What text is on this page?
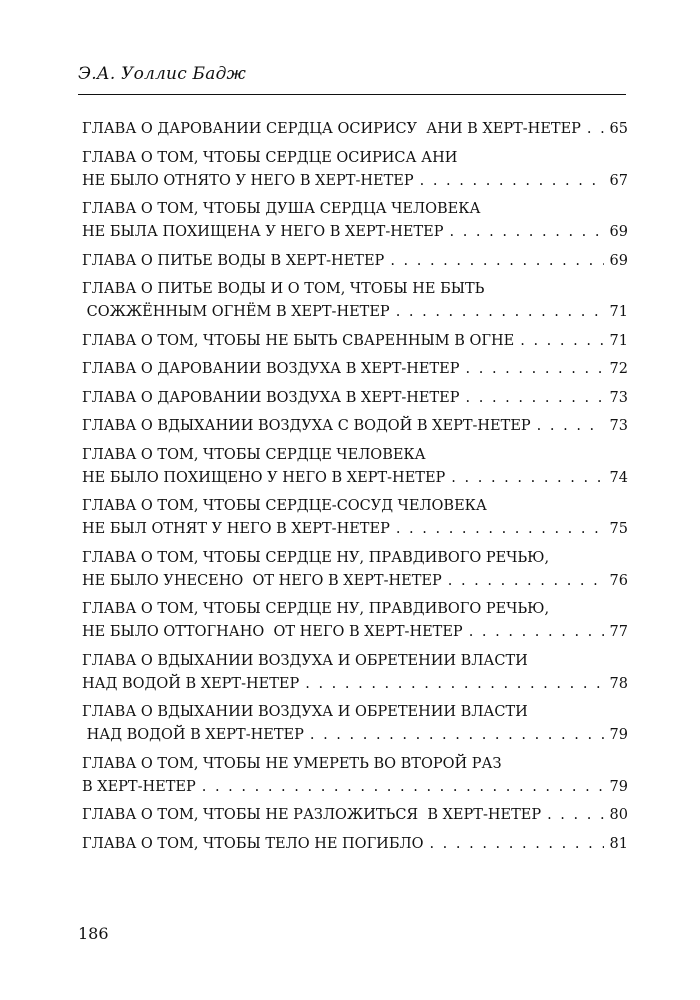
Э.А. Уоллис Бадж
ГЛАВА О ДАРОВАНИИ СЕРДЦА ОСИРИСУ  АНИ В ХЕРТ-НЕТЕР . . . 65
ГЛАВА О ТОМ, ЧТОБЫ СЕРДЦЕ ОСИРИСА АНИ
НЕ БЫЛО ОТНЯТО У НЕГО В ХЕРТ-НЕТЕР . . .	67
ГЛАВА О ТОМ, ЧТОБЫ ДУША СЕРДЦА ЧЕЛОВЕКА
НЕ БЫЛА ПОХИЩЕНА У НЕГО В ХЕРТ-НЕТЕР . . .	69
ГЛАВА О ПИТЬЕ ВОДЫ В ХЕРТ-НЕТЕР . . .	69
ГЛАВА О ПИТЬЕ ВОДЫ И О ТОМ, ЧТОБЫ НЕ БЫТЬ
СОЖЖЁННЫМ ОГНЁМ В ХЕРТ-НЕТЕР . . .	71
ГЛАВА О ТОМ, ЧТОБЫ НЕ БЫТЬ СВАРЕННЫМ В ОГНЕ . . .	71
ГЛАВА О ДАРОВАНИИ ВОЗДУХА В ХЕРТ-НЕТЕР . . .	72
ГЛАВА О ДАРОВАНИИ ВОЗДУХА В ХЕРТ-НЕТЕР . . .	73
ГЛАВА О ВДЫХАНИИ ВОЗДУХА С ВОДОЙ В ХЕРТ-НЕТЕР . . .	73
ГЛАВА О ТОМ, ЧТОБЫ СЕРДЦЕ ЧЕЛОВЕКА
НЕ БЫЛО ПОХИЩЕНО У НЕГО В ХЕРТ-НЕТЕР . . .	74
ГЛАВА О ТОМ, ЧТОБЫ СЕРДЦЕ-СОСУД ЧЕЛОВЕКА
НЕ БЫЛ ОТНЯТ У НЕГО В ХЕРТ-НЕТЕР . . .	75
ГЛАВА О ТОМ, ЧТОБЫ СЕРДЦЕ НУ, ПРАВДИВОГО РЕЧЬЮ,
НЕ БЫЛО УНЕСЕНО  ОТ НЕГО В ХЕРТ-НЕТЕР . . .	76
ГЛАВА О ТОМ, ЧТОБЫ СЕРДЦЕ НУ, ПРАВДИВОГО РЕЧЬЮ,
НЕ БЫЛО ОТТОГНАНО  ОТ НЕГО В ХЕРТ-НЕТЕР . . .	77
ГЛАВА О ВДЫХАНИИ ВОЗДУХА И ОБРЕТЕНИИ ВЛАСТИ
НАД ВОДОЙ В ХЕРТ-НЕТЕР . . .	78
ГЛАВА О ВДЫХАНИИ ВОЗДУХА И ОБРЕТЕНИИ ВЛАСТИ
НАД ВОДОЙ В ХЕРТ-НЕТЕР . . .	79
ГЛАВА О ТОМ, ЧТОБЫ НЕ УМЕРЕТЬ ВО ВТОРОЙ РАЗ
В ХЕРТ-НЕТЕР . . .	79
ГЛАВА О ТОМ, ЧТОБЫ НЕ РАЗЛОЖИТЬСЯ  В ХЕРТ-НЕТЕР . . .	80
ГЛАВА О ТОМ, ЧТОБЫ ТЕЛО НЕ ПОГИБЛО . . .	81
186
